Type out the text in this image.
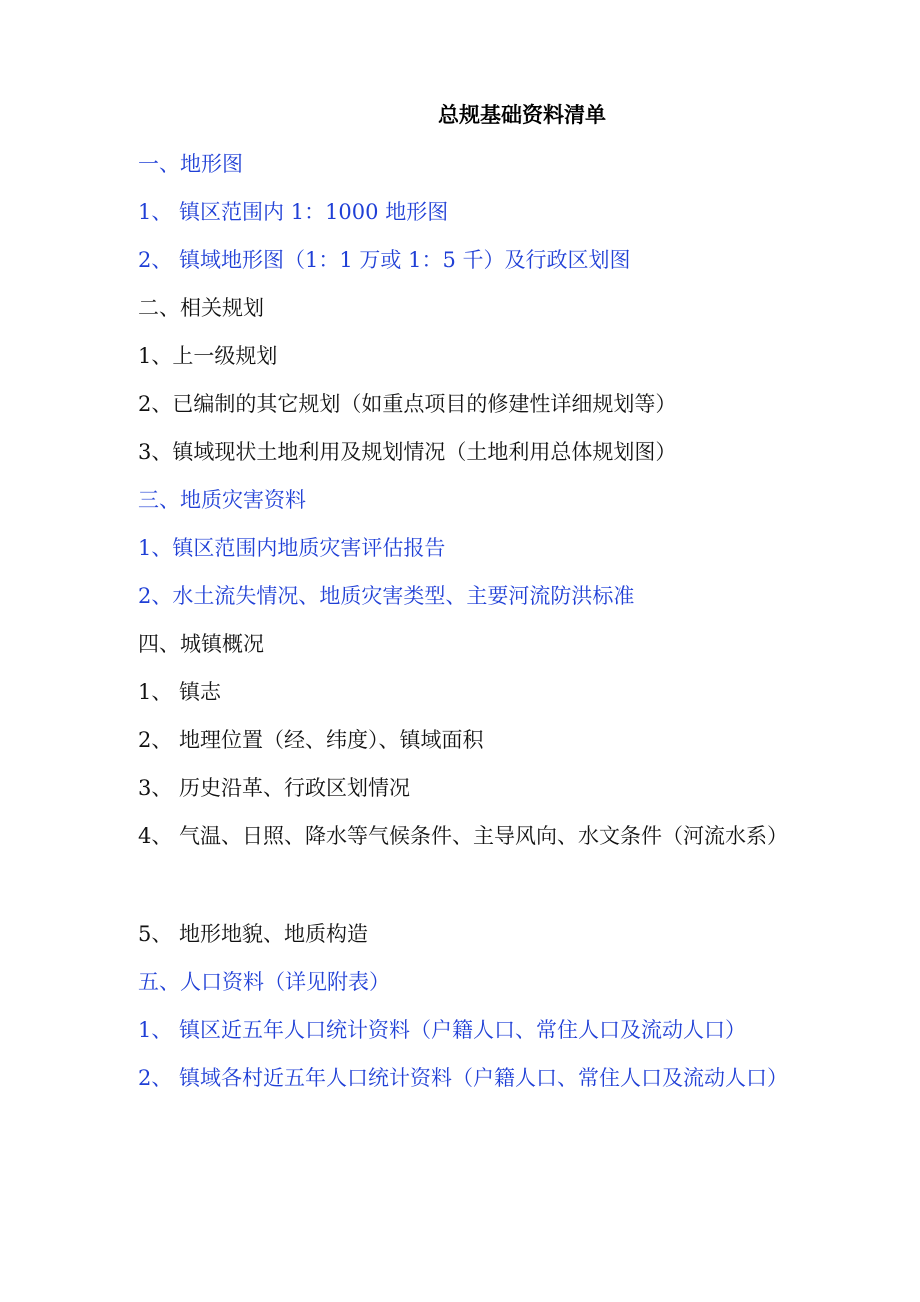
总规基础资料清单
一、地形图
1、 镇区范围内 1：1000 地形图
2、 镇域地形图（1：1 万或 1：5 千）及行政区划图
二、相关规划
1、上一级规划
2、已编制的其它规划（如重点项目的修建性详细规划等）
3、镇域现状土地利用及规划情况（土地利用总体规划图）
三、地质灾害资料
1、镇区范围内地质灾害评估报告
2、水土流失情况、地质灾害类型、主要河流防洪标准
四、城镇概况
1、 镇志
2、 地理位置（经、纬度）、镇域面积
3、 历史沿革、行政区划情况
4、 气温、日照、降水等气候条件、主导风向、水文条件（河流水系）
5、 地形地貌、地质构造
五、人口资料（详见附表）
1、 镇区近五年人口统计资料（户籍人口、常住人口及流动人口）
2、 镇域各村近五年人口统计资料（户籍人口、常住人口及流动人口）
